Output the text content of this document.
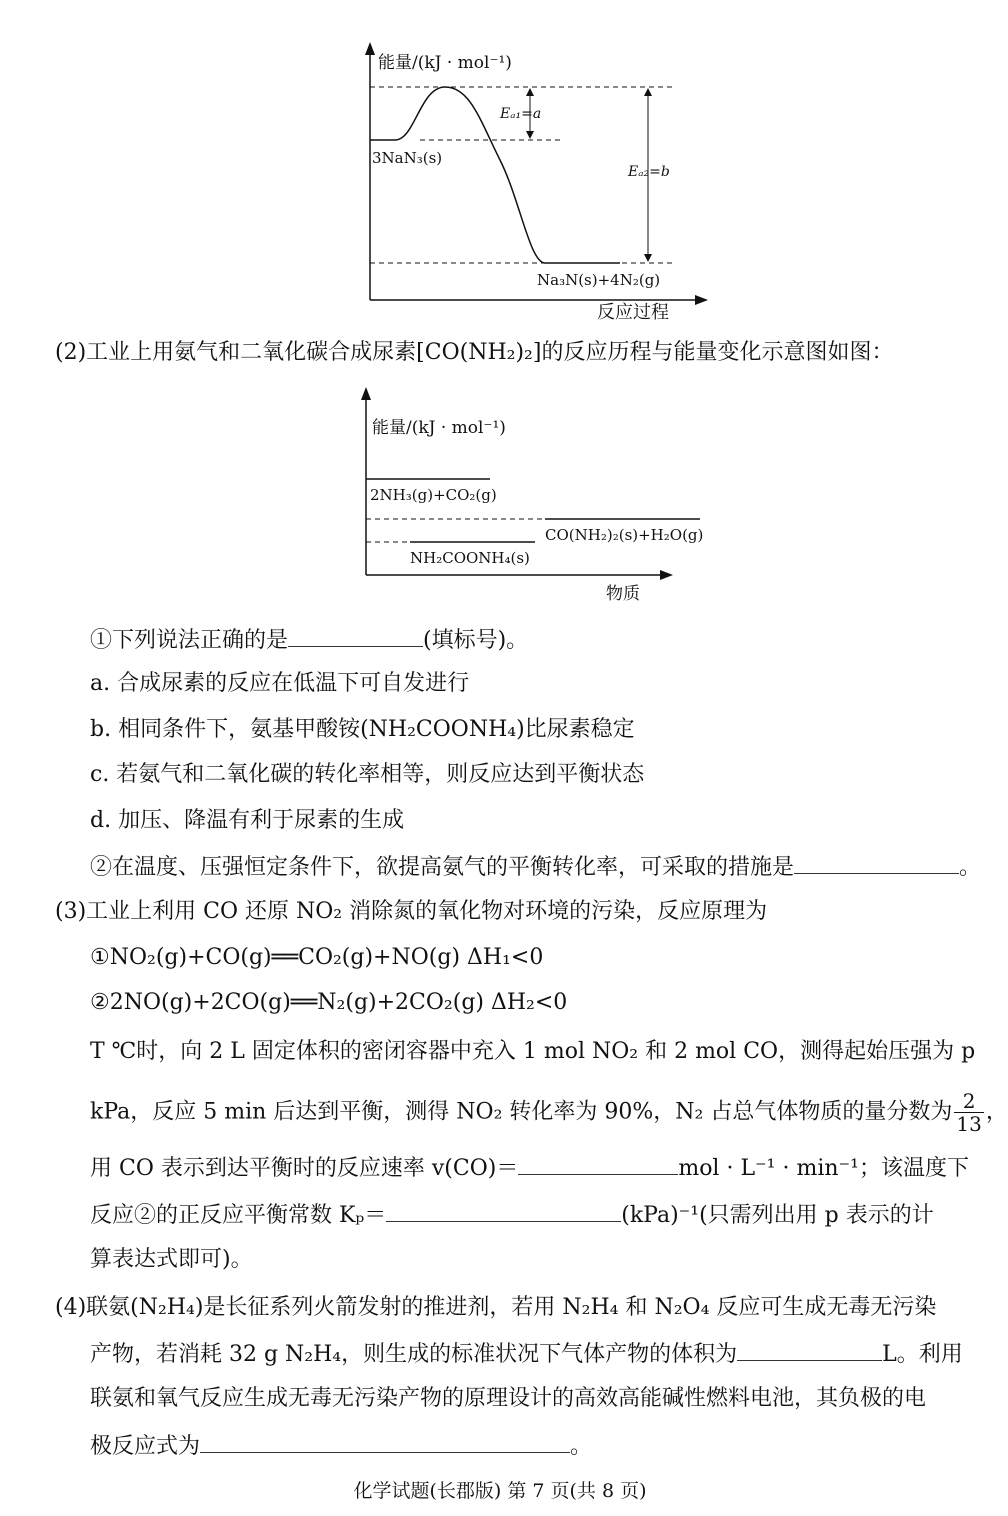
能量/(kJ · mol⁻¹)
3NaN₃(s)
Eₐ₁=a
Eₐ₂=b
Na₃N(s)+4N₂(g)
反应过程
(2)工业上用氨气和二氧化碳合成尿素[CO(NH₂)₂]的反应历程与能量变化示意图如图：
能量/(kJ · mol⁻¹)
2NH₃(g)+CO₂(g)
CO(NH₂)₂(s)+H₂O(g)
NH₂COONH₄(s)
物质
①下列说法正确的是	(填标号)。
a. 合成尿素的反应在低温下可自发进行
b. 相同条件下，氨基甲酸铵(NH₂COONH₄)比尿素稳定
c. 若氨气和二氧化碳的转化率相等，则反应达到平衡状态
d. 加压、降温有利于尿素的生成
②在温度、压强恒定条件下，欲提高氨气的平衡转化率，可采取的措施是	。
(3)工业上利用 CO 还原 NO₂ 消除氮的氧化物对环境的污染，反应原理为
①NO₂(g)+CO(g)══CO₂(g)+NO(g) ΔH₁<0
②2NO(g)+2CO(g)══N₂(g)+2CO₂(g) ΔH₂<0
T ℃时，向 2 L 固定体积的密闭容器中充入 1 mol NO₂ 和 2 mol CO，测得起始压强为 p
kPa，反应 5 min 后达到平衡，测得 NO₂ 转化率为 90%，N₂ 占总气体物质的量分数为 $\frac{2}{13}$ ，
用 CO 表示到达平衡时的反应速率 v(CO)＝	mol · L⁻¹ · min⁻¹；该温度下
反应②的正反应平衡常数 Kₚ＝	(kPa)⁻¹(只需列出用 p 表示的计
算表达式即可)。
(4)联氨(N₂H₄)是长征系列火箭发射的推进剂，若用 N₂H₄ 和 N₂O₄ 反应可生成无毒无污染
产物，若消耗 32 g N₂H₄，则生成的标准状况下气体产物的体积为	L。利用
联氨和氧气反应生成无毒无污染产物的原理设计的高效高能碱性燃料电池，其负极的电
极反应式为	。
化学试题(长郡版) 第 7 页(共 8 页)
